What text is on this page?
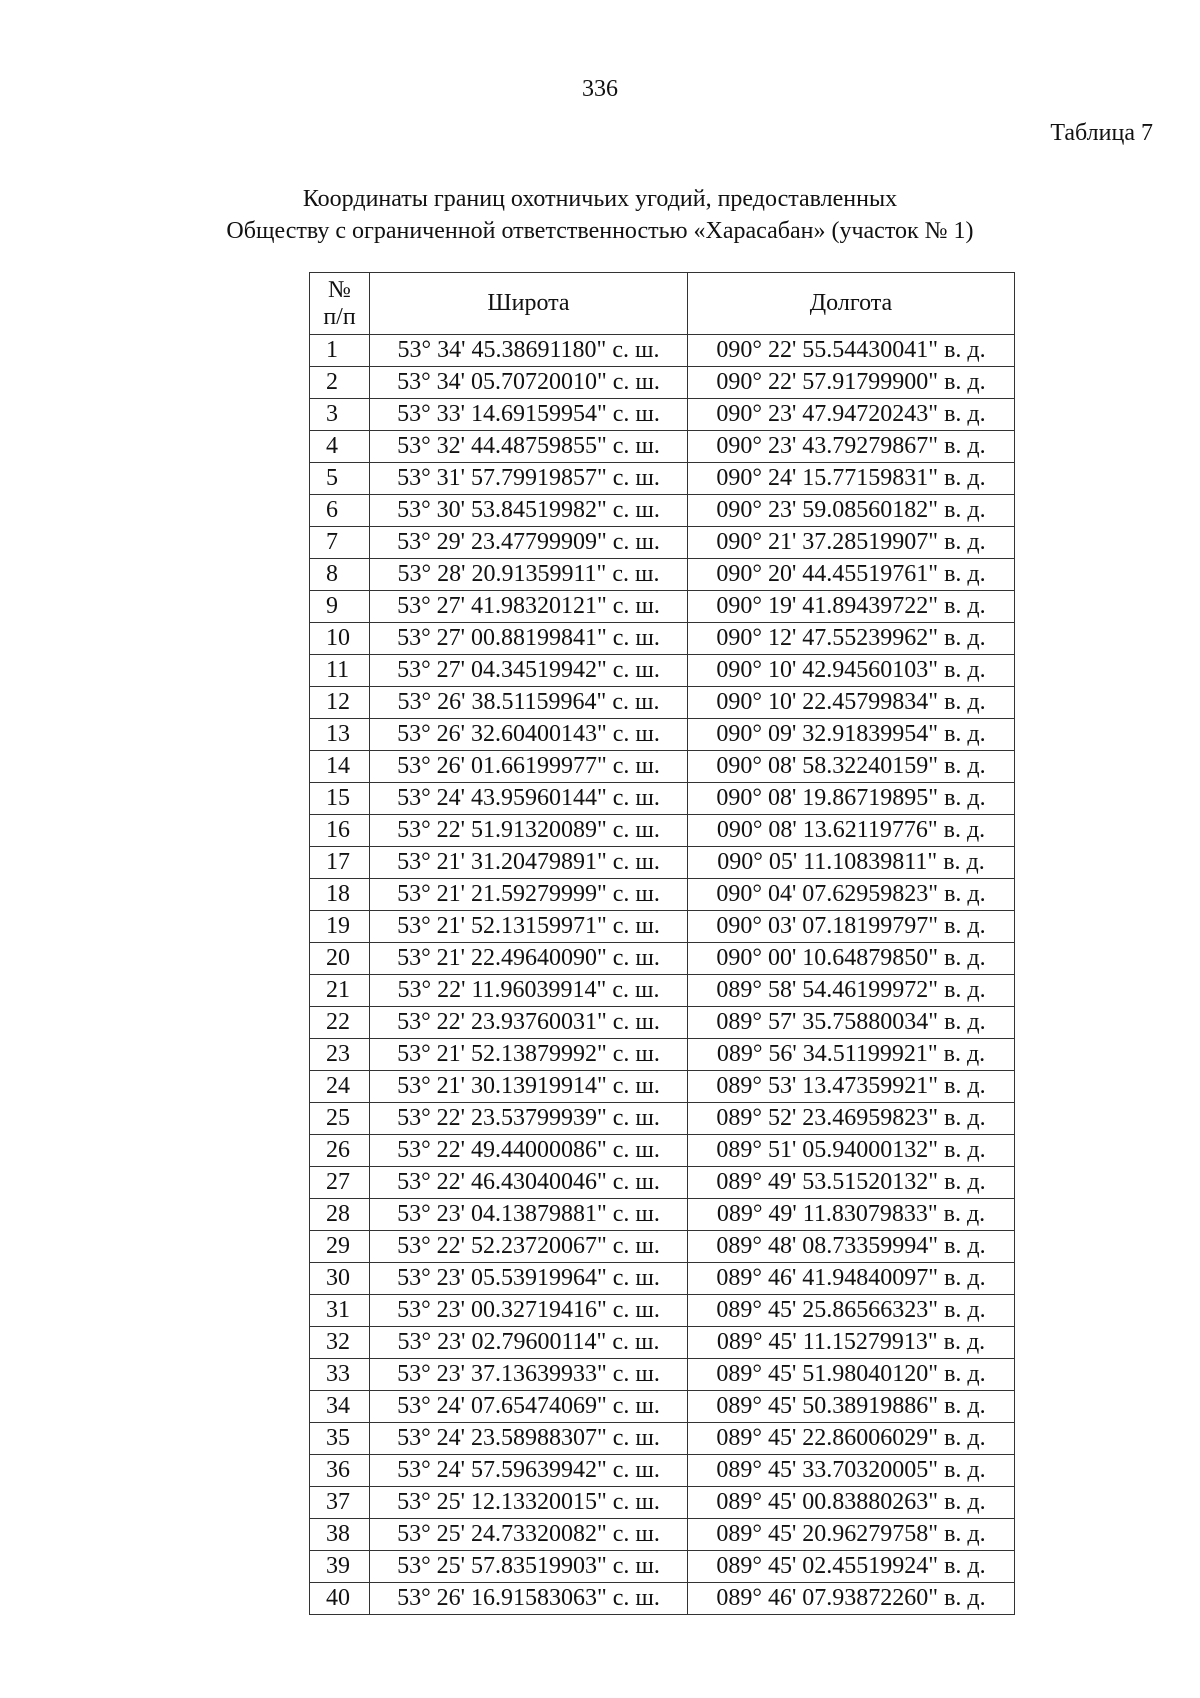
336
Таблица 7
Координаты границ охотничьих угодий, предоставленных
Обществу с ограниченной ответственностью «Харасабан» (участок № 1)
№
п/п	Широта	Долгота
1	53° 34' 45.38691180" с. ш.	090° 22' 55.54430041" в. д.
2	53° 34' 05.70720010" с. ш.	090° 22' 57.91799900" в. д.
3	53° 33' 14.69159954" с. ш.	090° 23' 47.94720243" в. д.
4	53° 32' 44.48759855" с. ш.	090° 23' 43.79279867" в. д.
5	53° 31' 57.79919857" с. ш.	090° 24' 15.77159831" в. д.
6	53° 30' 53.84519982" с. ш.	090° 23' 59.08560182" в. д.
7	53° 29' 23.47799909" с. ш.	090° 21' 37.28519907" в. д.
8	53° 28' 20.91359911" с. ш.	090° 20' 44.45519761" в. д.
9	53° 27' 41.98320121" с. ш.	090° 19' 41.89439722" в. д.
10	53° 27' 00.88199841" с. ш.	090° 12' 47.55239962" в. д.
11	53° 27' 04.34519942" с. ш.	090° 10' 42.94560103" в. д.
12	53° 26' 38.51159964" с. ш.	090° 10' 22.45799834" в. д.
13	53° 26' 32.60400143" с. ш.	090° 09' 32.91839954" в. д.
14	53° 26' 01.66199977" с. ш.	090° 08' 58.32240159" в. д.
15	53° 24' 43.95960144" с. ш.	090° 08' 19.86719895" в. д.
16	53° 22' 51.91320089" с. ш.	090° 08' 13.62119776" в. д.
17	53° 21' 31.20479891" с. ш.	090° 05' 11.10839811" в. д.
18	53° 21' 21.59279999" с. ш.	090° 04' 07.62959823" в. д.
19	53° 21' 52.13159971" с. ш.	090° 03' 07.18199797" в. д.
20	53° 21' 22.49640090" с. ш.	090° 00' 10.64879850" в. д.
21	53° 22' 11.96039914" с. ш.	089° 58' 54.46199972" в. д.
22	53° 22' 23.93760031" с. ш.	089° 57' 35.75880034" в. д.
23	53° 21' 52.13879992" с. ш.	089° 56' 34.51199921" в. д.
24	53° 21' 30.13919914" с. ш.	089° 53' 13.47359921" в. д.
25	53° 22' 23.53799939" с. ш.	089° 52' 23.46959823" в. д.
26	53° 22' 49.44000086" с. ш.	089° 51' 05.94000132" в. д.
27	53° 22' 46.43040046" с. ш.	089° 49' 53.51520132" в. д.
28	53° 23' 04.13879881" с. ш.	089° 49' 11.83079833" в. д.
29	53° 22' 52.23720067" с. ш.	089° 48' 08.73359994" в. д.
30	53° 23' 05.53919964" с. ш.	089° 46' 41.94840097" в. д.
31	53° 23' 00.32719416" с. ш.	089° 45' 25.86566323" в. д.
32	53° 23' 02.79600114" с. ш.	089° 45' 11.15279913" в. д.
33	53° 23' 37.13639933" с. ш.	089° 45' 51.98040120" в. д.
34	53° 24' 07.65474069" с. ш.	089° 45' 50.38919886" в. д.
35	53° 24' 23.58988307" с. ш.	089° 45' 22.86006029" в. д.
36	53° 24' 57.59639942" с. ш.	089° 45' 33.70320005" в. д.
37	53° 25' 12.13320015" с. ш.	089° 45' 00.83880263" в. д.
38	53° 25' 24.73320082" с. ш.	089° 45' 20.96279758" в. д.
39	53° 25' 57.83519903" с. ш.	089° 45' 02.45519924" в. д.
40	53° 26' 16.91583063" с. ш.	089° 46' 07.93872260" в. д.
